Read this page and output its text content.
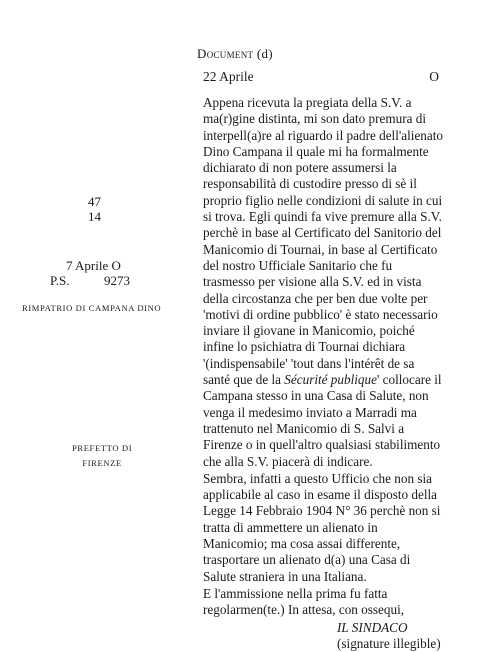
Document (d)
22 Aprile	O

Appena ricevuta la pregiata della S.V. a ma(r)gine distinta, mi son dato premura di interpell(a)re al riguardo il padre dell'alienato Dino Campana il quale mi ha formalmente dichiarato di non potere assumersi la responsabilità di custodire presso di sè il proprio figlio nelle condizioni di salute in cui si trova. Egli quindi fa vive premure alla S.V. perchè in base al Certificato del Sanitorio del Manicomio di Tournai, in base al Certificato del nostro Ufficiale Sanitario che fu trasmesso per visione alla S.V. ed in vista della circostanza che per ben due volte per 'motivi di ordine pubblico' è stato necessario inviare il giovane in Manicomio, poiché infine lo psichiatra di Tournai dichiara '(indispensabile' 'tout dans l'intérêt de sa santé que de la Sécurité publique' collocare il Campana stesso in una Casa di Salute, non venga il medesimo inviato a Marradi ma trattenuto nel Manicomio di S. Salvi a Firenze o in quell'altro qualsiasi stabilimento che alla S.V. piacerà di indicare.

Sembra, infatti a questo Ufficio che non sia applicabile al caso in esame il disposto della Legge 14 Febbraio 1904 N° 36 perchè non si tratta di ammettere un alienato in Manicomio; ma cosa assai differente, trasportare un alienato d(a) una Casa di Salute straniera in una Italiana.

E l'ammissione nella prima fu fatta regolarmen(te.) In attesa, con ossequi,

IL SINDACO
(signature illegible)
47
14
7 Aprile O
P.S.	9273
RIMPATRIO DI CAMPANA DINO
PREFETTO DI
FIRENZE
